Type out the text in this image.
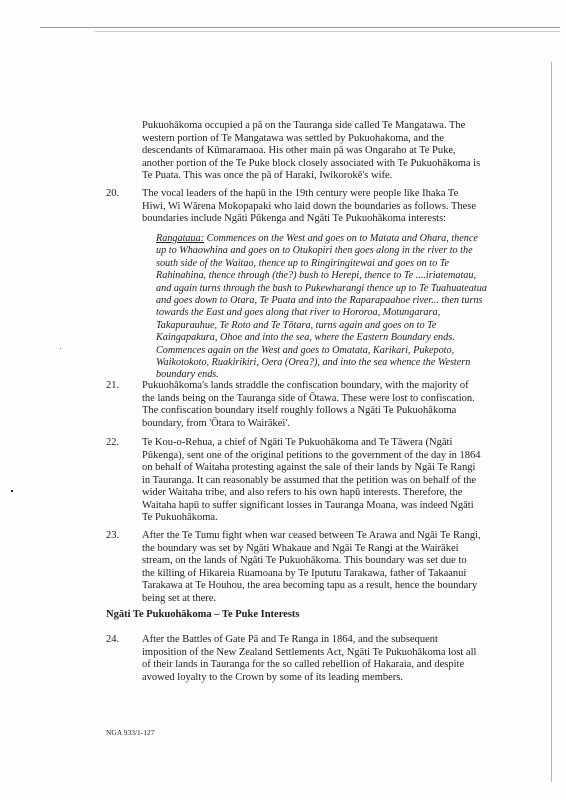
Pukuohākoma occupied a pā on the Tauranga side called Te Mangatawa. The western portion of Te Mangatawa was settled by Pukuohakoma, and the descendants of Kūmaramaoa. His other main pā was Ongaraho at Te Puke, another portion of the Te Puke block closely associated with Te Pukuohākoma is Te Puata. This was once the pā of Haraki, Iwikorokē's wife.

20. The vocal leaders of the hapū in the 19th century were people like Ihaka Te Hiwi, Wi Wārena Mokopapaki who laid down the boundaries as follows. These boundaries include Ngāti Pūkenga and Ngāti Te Pukuohākoma interests:

Rangataua: Commences on the West and goes on to Matata and Ohara, thence up to Whaowhina and goes on to Otukopiri then goes along in the river to the south side of the Waitao, thence up to Ringiringitewai and goes on to Te Rahinahina, thence through (the?) bush to Herepi, thence to Te ....iriatematau, and again turns through the bush to Pukewharangi thence up to Te Tuahuateatua and goes down to Otara, Te Puata and into the Raparapaahoe river... then turns towards the East and goes along that river to Hororoa, Motungarara, Takapurauhue, Te Roto and Te Tōtara, turns again and goes on to Te Kaingapakura, Ohoe and into the sea, where the Eastern Boundary ends. Commences again on the West and goes to Omatata, Karikari, Pukepoto, Waikotokoto, Ruakirikiri, Oera (Orea?), and into the sea whence the Western boundary ends.

21. Pukuohākoma's lands straddle the confiscation boundary, with the majority of the lands being on the Tauranga side of Ōtawa. These were lost to confiscation. The confiscation boundary itself roughly follows a Ngāti Te Pukuohākoma boundary, from 'Ōtara to Wairākei'.

22. Te Kou-o-Rehua, a chief of Ngāti Te Pukuohākoma and Te Tāwera (Ngāti Pūkenga), sent one of the original petitions to the government of the day in 1864 on behalf of Waitaha protesting against the sale of their lands by Ngāi Te Rangi in Tauranga. It can reasonably be assumed that the petition was on behalf of the wider Waitaha tribe, and also refers to his own hapū interests. Therefore, the Waitaha hapū to suffer significant losses in Tauranga Moana, was indeed Ngāti Te Pukuohākoma.

23. After the Te Tumu fight when war ceased between Te Arawa and Ngāi Te Rangi, the boundary was set by Ngāti Whakaue and Ngāi Te Rangi at the Wairākei stream, on the lands of Ngāti Te Pukuohākoma. This boundary was set due to the killing of Hikareia Ruamoana by Te Ipututu Tarakawa, father of Takaanui Tarakawa at Te Houhou, the area becoming tapu as a result, hence the boundary being set at there.

Ngāti Te Pukuohākoma – Te Puke Interests
24. After the Battles of Gate Pā and Te Ranga in 1864, and the subsequent imposition of the New Zealand Settlements Act, Ngāti Te Pukuohākoma lost all of their lands in Tauranga for the so called rebellion of Hakaraia, and despite avowed loyalty to the Crown by some of its leading members.

NGA 933/1-127
